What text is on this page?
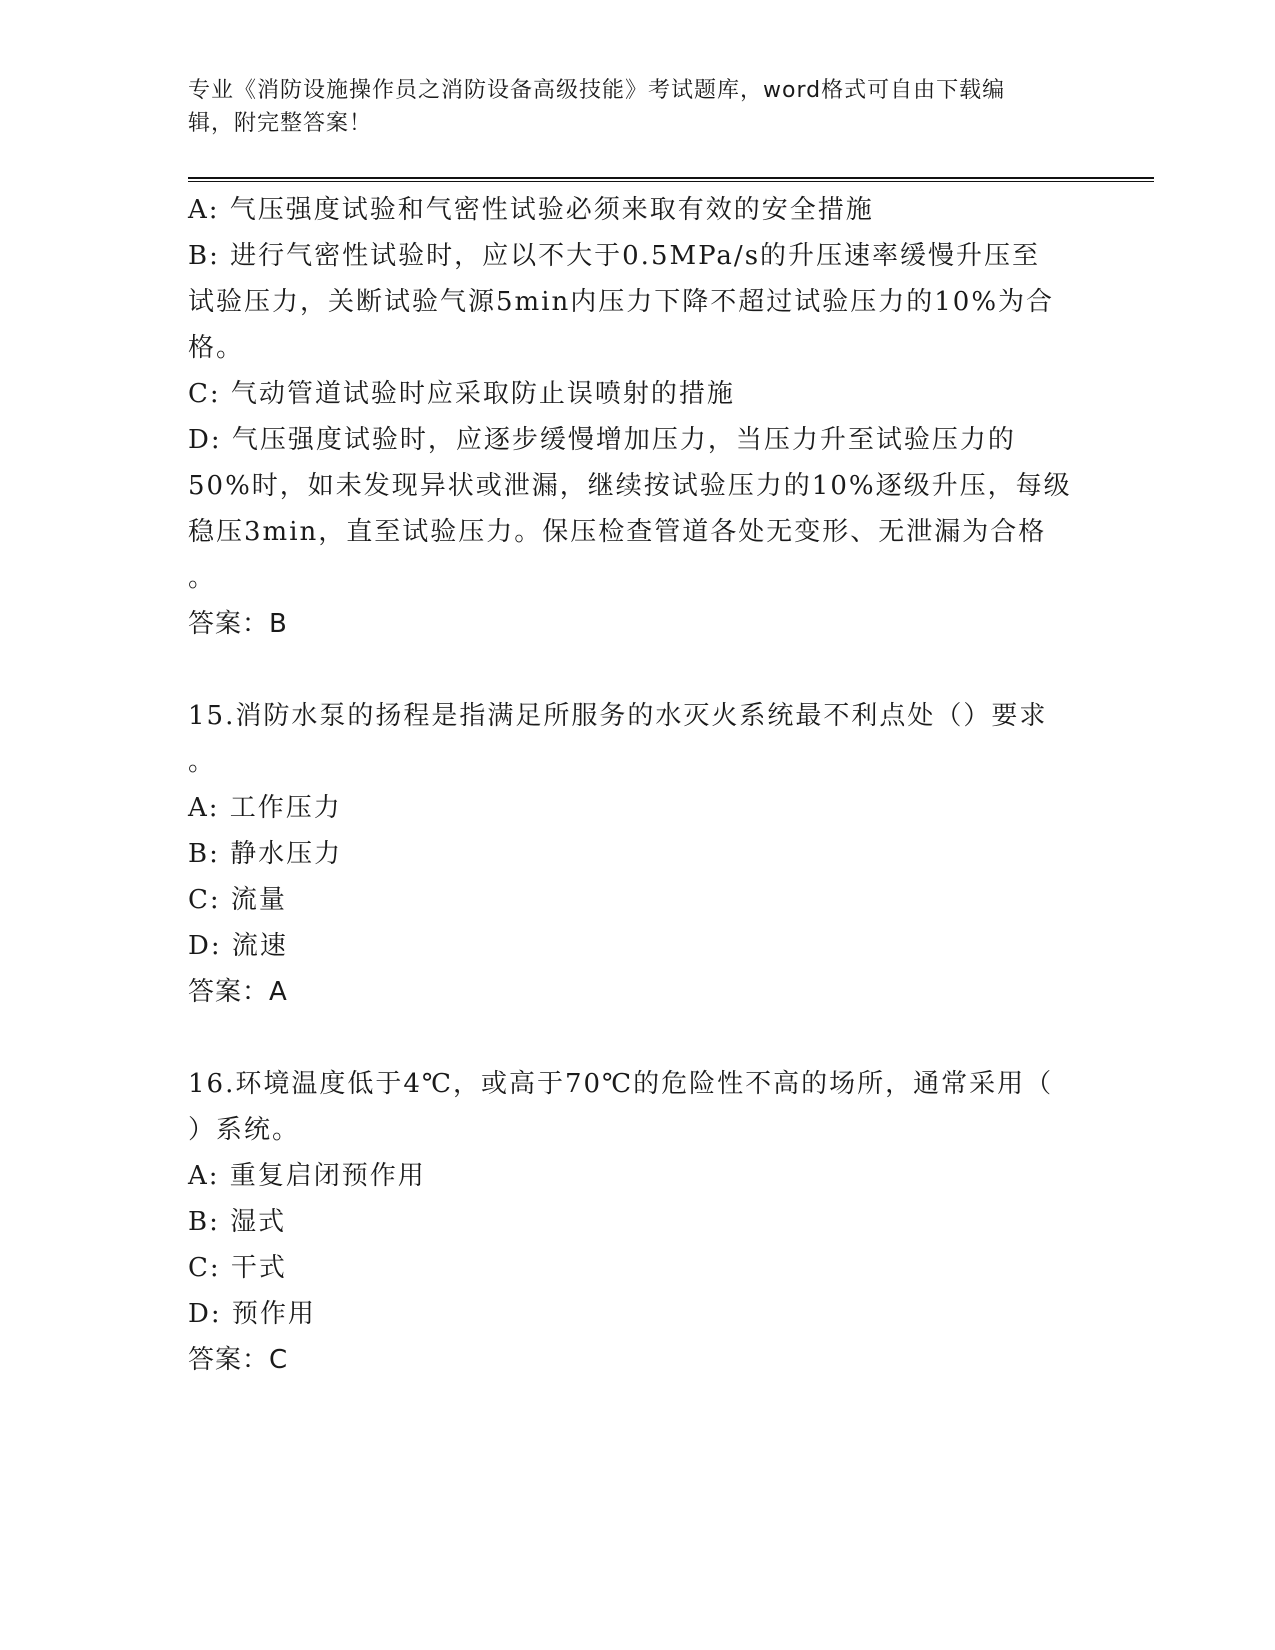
专业《消防设施操作员之消防设备高级技能》考试题库，word格式可自由下载编
辑，附完整答案！

A: 气压强度试验和气密性试验必须来取有效的安全措施

B: 进行气密性试验时，应以不大于0.5MPa/s的升压速率缓慢升压至

试验压力，关断试验气源5min内压力下降不超过试验压力的10%为合

格。

C: 气动管道试验时应采取防止误喷射的措施

D: 气压强度试验时，应逐步缓慢增加压力，当压力升至试验压力的

50%时，如未发现异状或泄漏，继续按试验压力的10%逐级升压，每级

稳压3min，直至试验压力。保压检查管道各处无变形、无泄漏为合格

。

答案：B

15.消防水泵的扬程是指满足所服务的水灭火系统最不利点处（）要求

。

A: 工作压力

B: 静水压力

C: 流量

D: 流速

答案：A

16.环境温度低于4℃，或高于70℃的危险性不高的场所，通常采用（

）系统。

A: 重复启闭预作用

B: 湿式

C: 干式

D: 预作用

答案：C
